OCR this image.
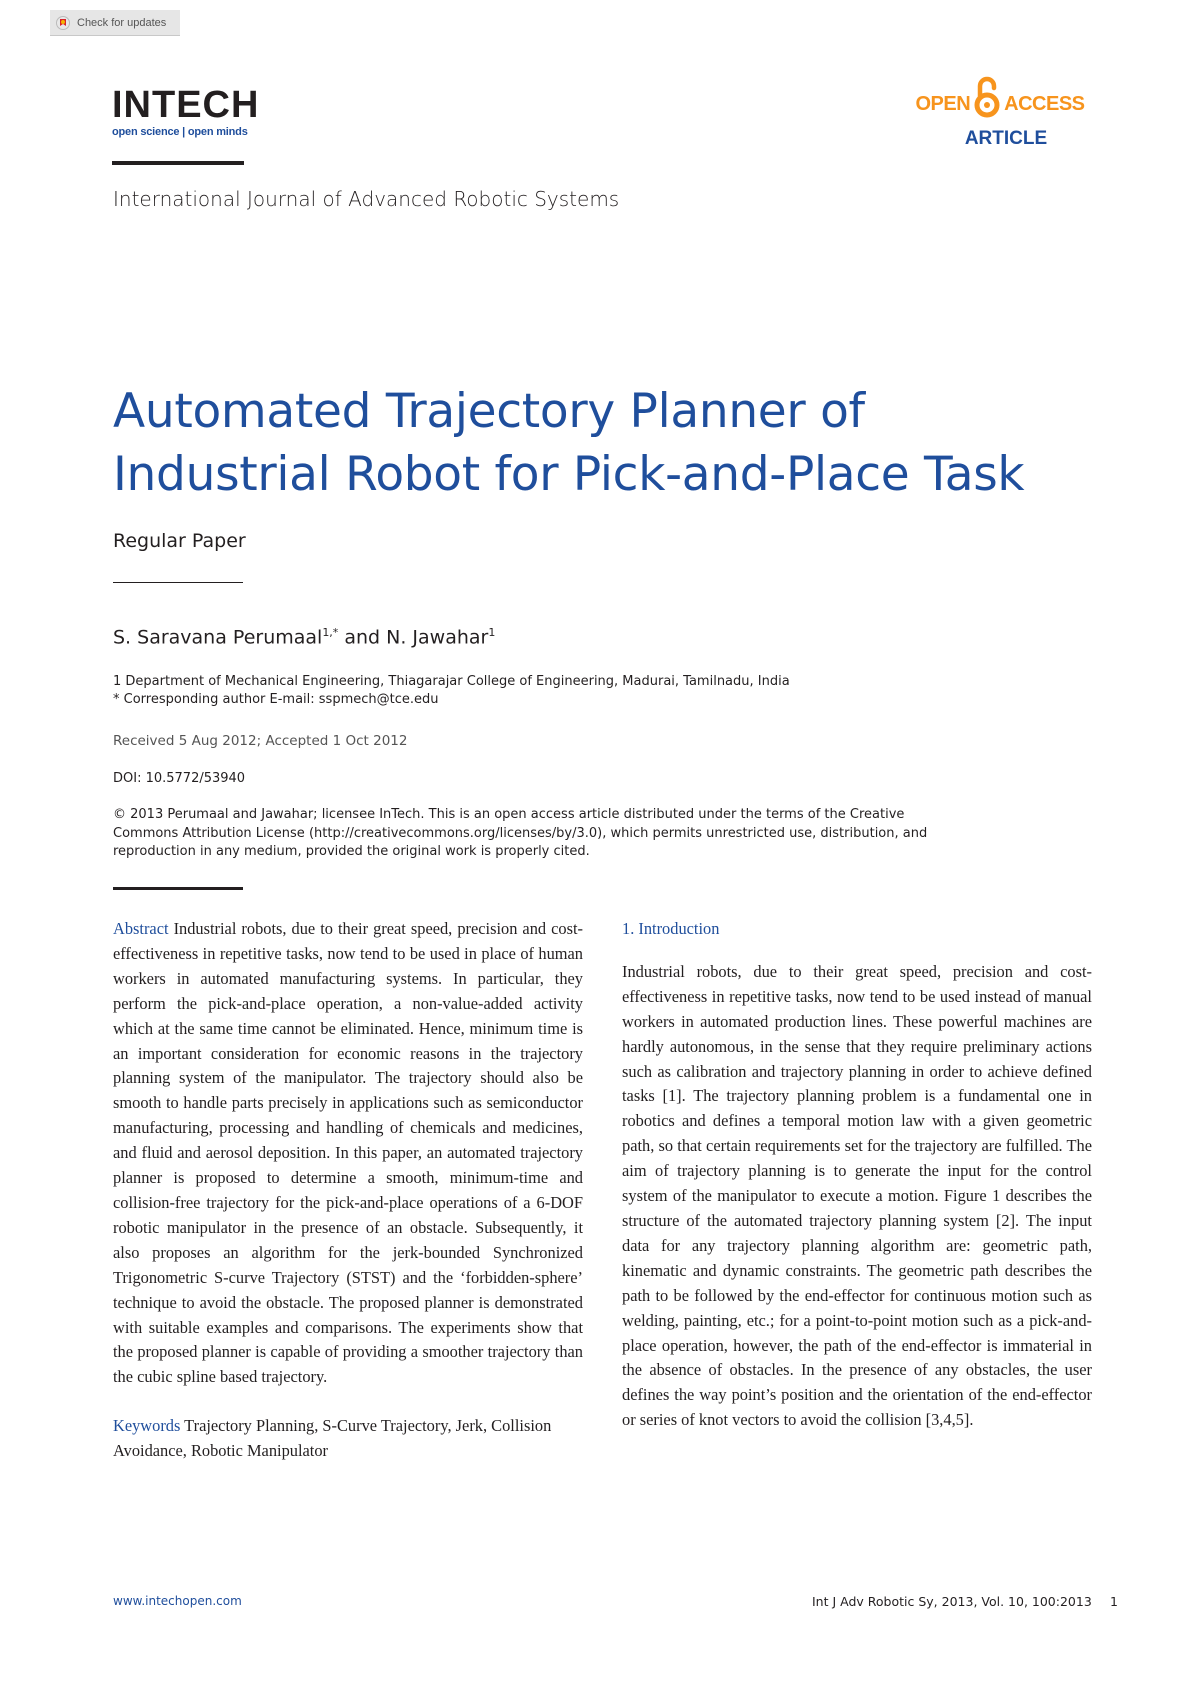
Check for updates
INTECH
open science | open minds
OPEN ACCESS
ARTICLE
International Journal of Advanced Robotic Systems
Automated Trajectory Planner of
Industrial Robot for Pick-and-Place Task
Regular Paper
S. Saravana Perumaal$^{1,*}$ and N. Jawahar$^1$
1 Department of Mechanical Engineering, Thiagarajar College of Engineering, Madurai, Tamilnadu, India
* Corresponding author E-mail: sspmech@tce.edu
Received 5 Aug 2012; Accepted 1 Oct 2012
DOI: 10.5772/53940
© 2013 Perumaal and Jawahar; licensee InTech. This is an open access article distributed under the terms of the Creative Commons Attribution License (http://creativecommons.org/licenses/by/3.0), which permits unrestricted use, distribution, and reproduction in any medium, provided the original work is properly cited.

Abstract Industrial robots, due to their great speed, precision and cost-effectiveness in repetitive tasks, now tend to be used in place of human workers in automated manufacturing systems. In particular, they perform the pick-and-place operation, a non-value-added activity which at the same time cannot be eliminated. Hence, minimum time is an important consideration for economic reasons in the trajectory planning system of the manipulator. The trajectory should also be smooth to handle parts precisely in applications such as semiconductor manufacturing, processing and handling of chemicals and medicines, and fluid and aerosol deposition. In this paper, an automated trajectory planner is proposed to determine a smooth, minimum-time and collision-free trajectory for the pick-and-place operations of a 6-DOF robotic manipulator in the presence of an obstacle. Subsequently, it also proposes an algorithm for the jerk-bounded Synchronized Trigonometric S-curve Trajectory (STST) and the ‘forbidden-sphere’ technique to avoid the obstacle. The proposed planner is demonstrated with suitable examples and comparisons. The experiments show that the proposed planner is capable of providing a smoother trajectory than the cubic spline based trajectory.

Keywords Trajectory Planning, S-Curve Trajectory, Jerk, Collision Avoidance, Robotic Manipulator

1. Introduction

Industrial robots, due to their great speed, precision and cost-effectiveness in repetitive tasks, now tend to be used instead of manual workers in automated production lines. These powerful machines are hardly autonomous, in the sense that they require preliminary actions such as calibration and trajectory planning in order to achieve defined tasks [1]. The trajectory planning problem is a fundamental one in robotics and defines a temporal motion law with a given geometric path, so that certain requirements set for the trajectory are fulfilled. The aim of trajectory planning is to generate the input for the control system of the manipulator to execute a motion. Figure 1 describes the structure of the automated trajectory planning system [2]. The input data for any trajectory planning algorithm are: geometric path, kinematic and dynamic constraints. The geometric path describes the path to be followed by the end-effector for continuous motion such as welding, painting, etc.; for a point-to-point motion such as a pick-and-place operation, however, the path of the end-effector is immaterial in the absence of obstacles. In the presence of any obstacles, the user defines the way point’s position and the orientation of the end-effector or series of knot vectors to avoid the collision [3,4,5].

www.intechopen.com	Int J Adv Robotic Sy, 2013, Vol. 10, 100:2013 1
